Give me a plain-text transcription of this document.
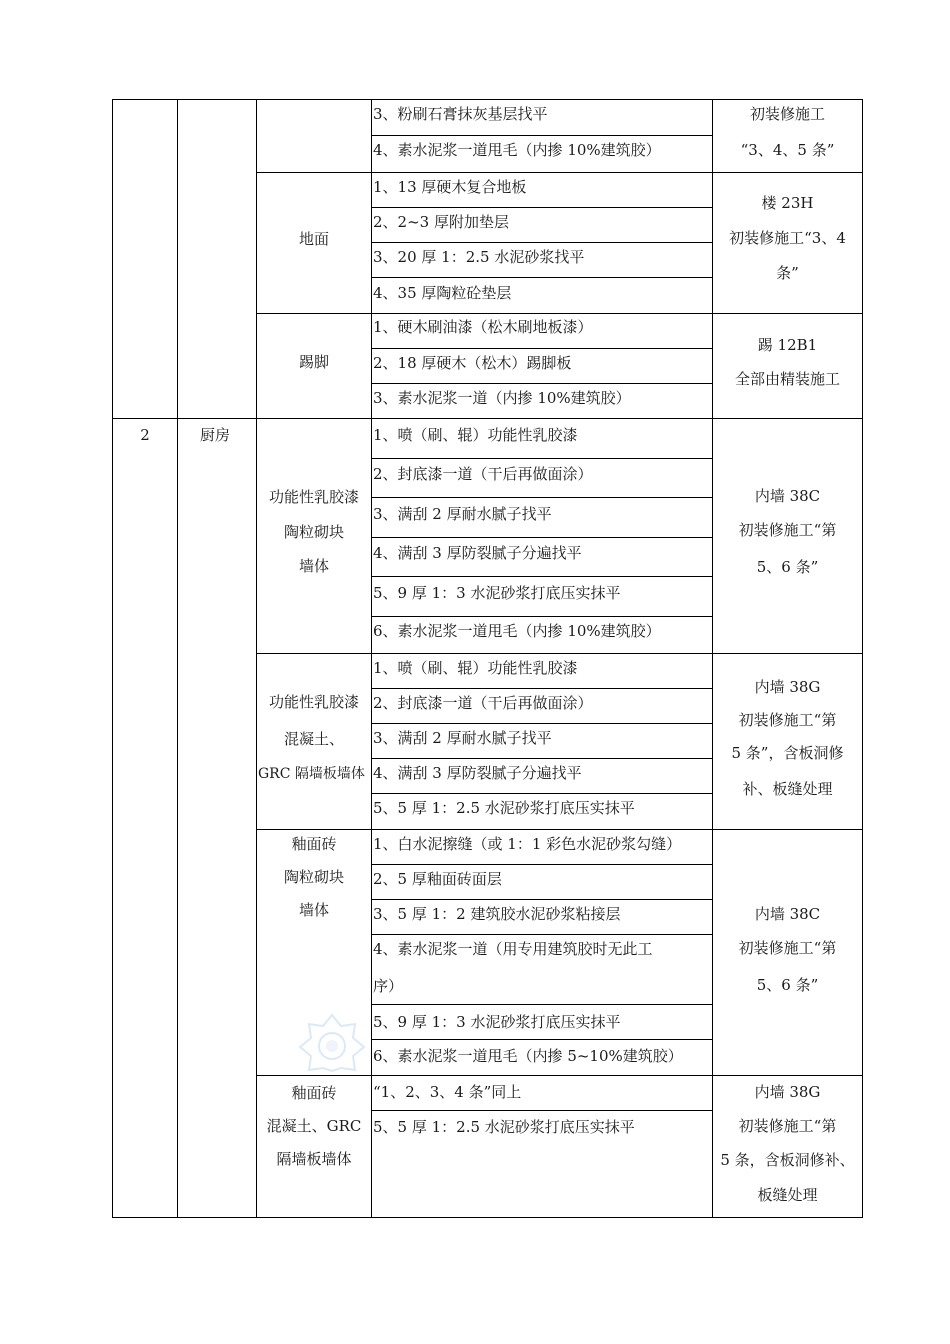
3、粉刷石膏抹灰基层找平
4、素水泥浆一道甩毛（内掺 10%建筑胶）
初装修施工
“3、4、5 条”
地面
1、13 厚硬木复合地板
2、2~3 厚附加垫层
3、20 厚 1：2.5 水泥砂浆找平
4、35 厚陶粒砼垫层
楼 23H
初装修施工“3、4
条”
踢脚
1、硬木刷油漆（松木刷地板漆）
2、18 厚硬木（松木）踢脚板
3、素水泥浆一道（内掺 10%建筑胶）
踢 12B1
全部由精装施工
2	厨房
功能性乳胶漆
陶粒砌块
墙体
1、喷（刷、辊）功能性乳胶漆
2、封底漆一道（干后再做面涂）
3、满刮 2 厚耐水腻子找平
4、满刮 3 厚防裂腻子分遍找平
5、9 厚 1：3 水泥砂浆打底压实抹平
6、素水泥浆一道甩毛（内掺 10%建筑胶）
内墙 38C
初装修施工“第
5、6 条”
功能性乳胶漆
混凝土、
GRC 隔墙板墙体
1、喷（刷、辊）功能性乳胶漆
2、封底漆一道（干后再做面涂）
3、满刮 2 厚耐水腻子找平
4、满刮 3 厚防裂腻子分遍找平
5、5 厚 1：2.5 水泥砂浆打底压实抹平
内墙 38G
初装修施工“第
5 条”，含板洞修
补、板缝处理
釉面砖
陶粒砌块
墙体
1、白水泥擦缝（或 1：1 彩色水泥砂浆勾缝）
2、5 厚釉面砖面层
3、5 厚 1：2 建筑胶水泥砂浆粘接层
4、素水泥浆一道（用专用建筑胶时无此工
序）
5、9 厚 1：3 水泥砂浆打底压实抹平
6、素水泥浆一道甩毛（内掺 5~10%建筑胶）
内墙 38C
初装修施工“第
5、6 条”
釉面砖
混凝土、GRC
隔墙板墙体
“1、2、3、4 条”同上
5、5 厚 1：2.5 水泥砂浆打底压实抹平
内墙 38G
初装修施工“第
5 条，含板洞修补、
板缝处理
